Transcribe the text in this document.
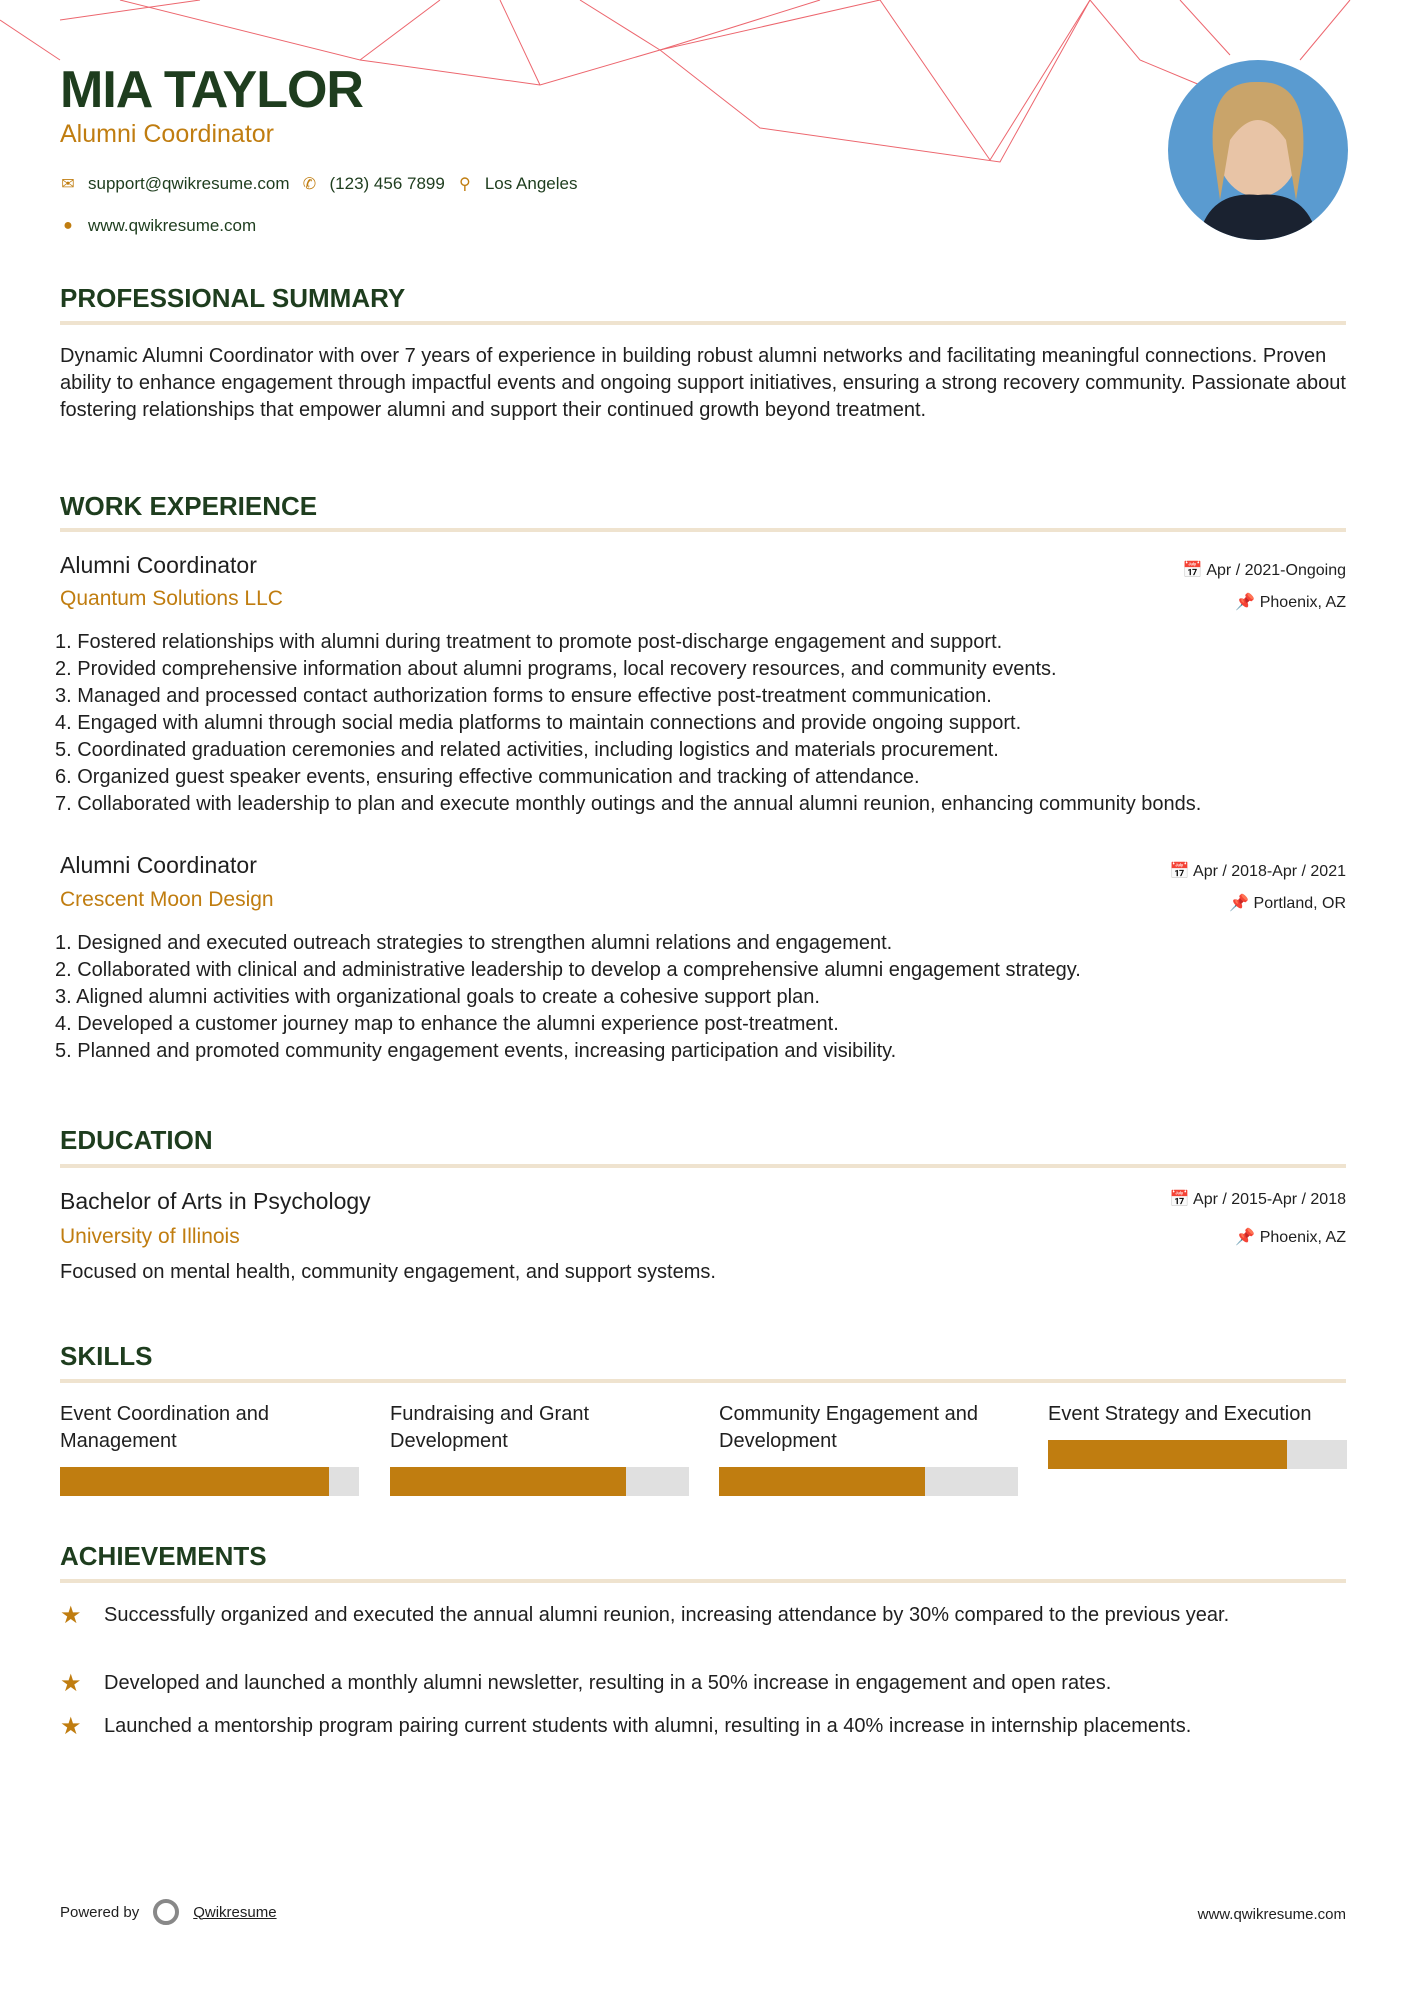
MIA TAYLOR
Alumni Coordinator
✉ support@qwikresume.com ✆ (123) 456 7899 ⚲ Los Angeles
● www.qwikresume.com
PROFESSIONAL SUMMARY
Dynamic Alumni Coordinator with over 7 years of experience in building robust alumni networks and facilitating meaningful connections. Proven ability to enhance engagement through impactful events and ongoing support initiatives, ensuring a strong recovery community. Passionate about fostering relationships that empower alumni and support their continued growth beyond treatment.
WORK EXPERIENCE
Alumni Coordinator
Quantum Solutions LLC
📅 Apr / 2021-Ongoing
📌 Phoenix, AZ
1. Fostered relationships with alumni during treatment to promote post-discharge engagement and support.
2. Provided comprehensive information about alumni programs, local recovery resources, and community events.
3. Managed and processed contact authorization forms to ensure effective post-treatment communication.
4. Engaged with alumni through social media platforms to maintain connections and provide ongoing support.
5. Coordinated graduation ceremonies and related activities, including logistics and materials procurement.
6. Organized guest speaker events, ensuring effective communication and tracking of attendance.
7. Collaborated with leadership to plan and execute monthly outings and the annual alumni reunion, enhancing community bonds.
Alumni Coordinator
Crescent Moon Design
📅 Apr / 2018-Apr / 2021
📌 Portland, OR
1. Designed and executed outreach strategies to strengthen alumni relations and engagement.
2. Collaborated with clinical and administrative leadership to develop a comprehensive alumni engagement strategy.
3. Aligned alumni activities with organizational goals to create a cohesive support plan.
4. Developed a customer journey map to enhance the alumni experience post-treatment.
5. Planned and promoted community engagement events, increasing participation and visibility.
EDUCATION
Bachelor of Arts in Psychology
University of Illinois
📅 Apr / 2015-Apr / 2018
📌 Phoenix, AZ
Focused on mental health, community engagement, and support systems.
SKILLS
Event Coordination and Management
Fundraising and Grant Development
Community Engagement and Development
Event Strategy and Execution
ACHIEVEMENTS
★	Successfully organized and executed the annual alumni reunion, increasing attendance by 30% compared to the previous year.
★	Developed and launched a monthly alumni newsletter, resulting in a 50% increase in engagement and open rates.
★	Launched a mentorship program pairing current students with alumni, resulting in a 40% increase in internship placements.
Powered by	Qwikresume	www.qwikresume.com
